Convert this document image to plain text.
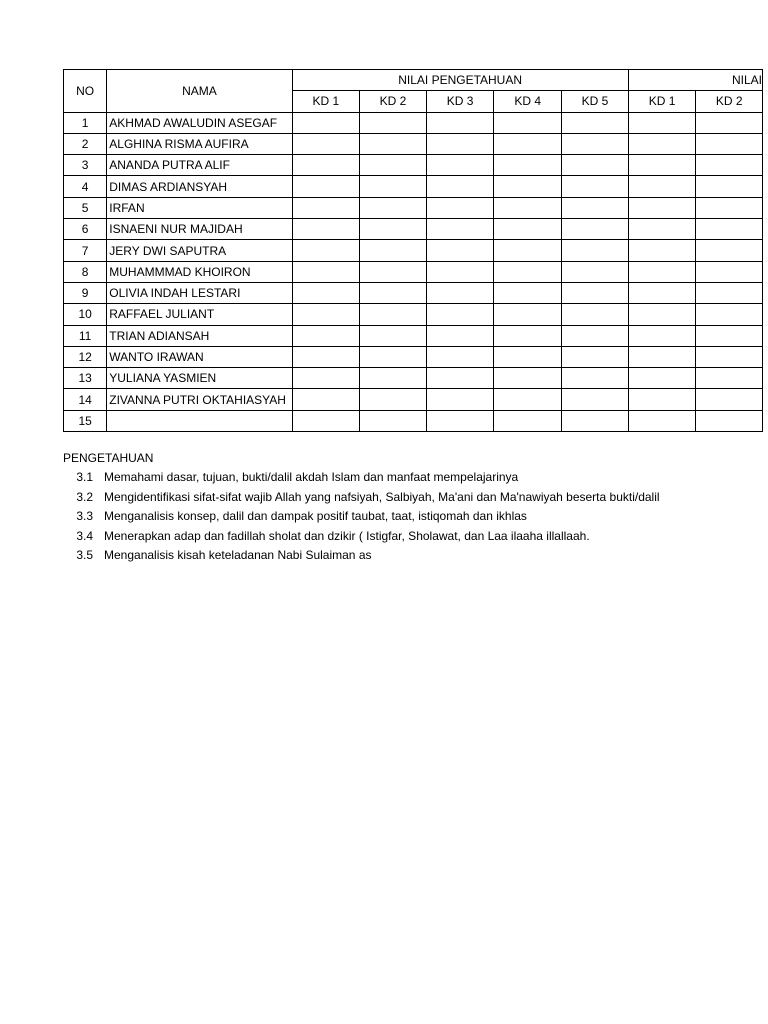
NO	NAMA	NILAI PENGETAHUAN					NILAI	
		KD 1	KD 2	KD 3	KD 4	KD 5	KD 1	KD 2
1	AKHMAD AWALUDIN ASEGAF							
2	ALGHINA RISMA AUFIRA							
3	ANANDA PUTRA ALIF							
4	DIMAS ARDIANSYAH							
5	IRFAN							
6	ISNAENI NUR MAJIDAH							
7	JERY DWI SAPUTRA							
8	MUHAMMMAD KHOIRON							
9	OLIVIA INDAH LESTARI							
10	RAFFAEL JULIANT							
11	TRIAN ADIANSAH							
12	WANTO IRAWAN							
13	YULIANA YASMIEN							
14	ZIVANNA PUTRI OKTAHIASYAH							
15								
PENGETAHUAN
3.1 Memahami dasar, tujuan, bukti/dalil akdah Islam dan manfaat mempelajarinya
3.2 Mengidentifikasi sifat-sifat wajib Allah yang nafsiyah, Salbiyah, Ma'ani dan Ma'nawiyah beserta bukti/dalil
3.3 Menganalisis konsep, dalil dan dampak positif taubat, taat, istiqomah dan ikhlas
3.4 Menerapkan adap dan fadillah sholat dan dzikir ( Istigfar, Sholawat, dan Laa ilaaha illallaah.
3.5 Menganalisis kisah keteladanan Nabi Sulaiman as
